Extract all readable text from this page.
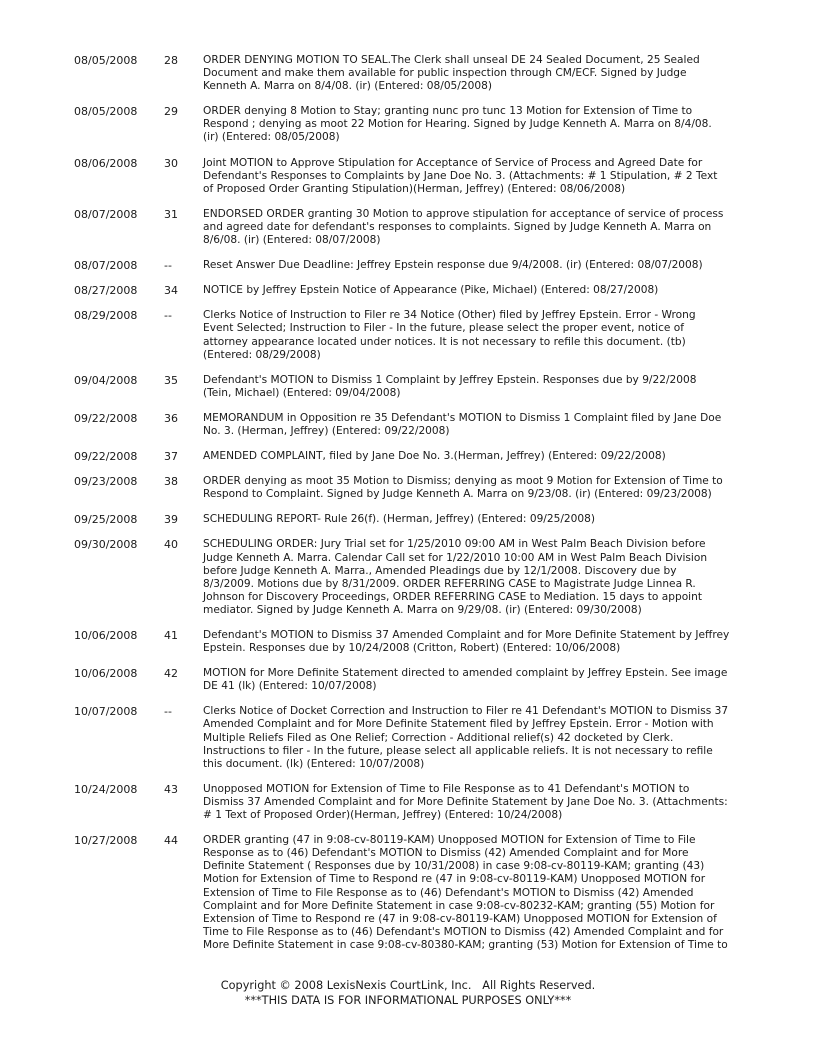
08/05/2008	28	ORDER DENYING MOTION TO SEAL.The Clerk shall unseal DE 24 Sealed Document, 25 Sealed
Document and make them available for public inspection through CM/ECF. Signed by Judge
Kenneth A. Marra on 8/4/08. (ir) (Entered: 08/05/2008)
08/05/2008	29	ORDER denying 8 Motion to Stay; granting nunc pro tunc 13 Motion for Extension of Time to
Respond ; denying as moot 22 Motion for Hearing. Signed by Judge Kenneth A. Marra on 8/4/08.
(ir) (Entered: 08/05/2008)
08/06/2008	30	Joint MOTION to Approve Stipulation for Acceptance of Service of Process and Agreed Date for
Defendant's Responses to Complaints by Jane Doe No. 3. (Attachments: # 1 Stipulation, # 2 Text
of Proposed Order Granting Stipulation)(Herman, Jeffrey) (Entered: 08/06/2008)
08/07/2008	31	ENDORSED ORDER granting 30 Motion to approve stipulation for acceptance of service of process
and agreed date for defendant's responses to complaints. Signed by Judge Kenneth A. Marra on
8/6/08. (ir) (Entered: 08/07/2008)
08/07/2008	--	Reset Answer Due Deadline: Jeffrey Epstein response due 9/4/2008. (ir) (Entered: 08/07/2008)
08/27/2008	34	NOTICE by Jeffrey Epstein Notice of Appearance (Pike, Michael) (Entered: 08/27/2008)
08/29/2008	--	Clerks Notice of Instruction to Filer re 34 Notice (Other) filed by Jeffrey Epstein. Error - Wrong
Event Selected; Instruction to Filer - In the future, please select the proper event, notice of
attorney appearance located under notices. It is not necessary to refile this document. (tb)
(Entered: 08/29/2008)
09/04/2008	35	Defendant's MOTION to Dismiss 1 Complaint by Jeffrey Epstein. Responses due by 9/22/2008
(Tein, Michael) (Entered: 09/04/2008)
09/22/2008	36	MEMORANDUM in Opposition re 35 Defendant's MOTION to Dismiss 1 Complaint filed by Jane Doe
No. 3. (Herman, Jeffrey) (Entered: 09/22/2008)
09/22/2008	37	AMENDED COMPLAINT, filed by Jane Doe No. 3.(Herman, Jeffrey) (Entered: 09/22/2008)
09/23/2008	38	ORDER denying as moot 35 Motion to Dismiss; denying as moot 9 Motion for Extension of Time to
Respond to Complaint. Signed by Judge Kenneth A. Marra on 9/23/08. (ir) (Entered: 09/23/2008)
09/25/2008	39	SCHEDULING REPORT- Rule 26(f). (Herman, Jeffrey) (Entered: 09/25/2008)
09/30/2008	40	SCHEDULING ORDER: Jury Trial set for 1/25/2010 09:00 AM in West Palm Beach Division before
Judge Kenneth A. Marra. Calendar Call set for 1/22/2010 10:00 AM in West Palm Beach Division
before Judge Kenneth A. Marra., Amended Pleadings due by 12/1/2008. Discovery due by
8/3/2009. Motions due by 8/31/2009. ORDER REFERRING CASE to Magistrate Judge Linnea R.
Johnson for Discovery Proceedings, ORDER REFERRING CASE to Mediation. 15 days to appoint
mediator. Signed by Judge Kenneth A. Marra on 9/29/08. (ir) (Entered: 09/30/2008)
10/06/2008	41	Defendant's MOTION to Dismiss 37 Amended Complaint and for More Definite Statement by Jeffrey
Epstein. Responses due by 10/24/2008 (Critton, Robert) (Entered: 10/06/2008)
10/06/2008	42	MOTION for More Definite Statement directed to amended complaint by Jeffrey Epstein. See image
DE 41 (lk) (Entered: 10/07/2008)
10/07/2008	--	Clerks Notice of Docket Correction and Instruction to Filer re 41 Defendant's MOTION to Dismiss 37
Amended Complaint and for More Definite Statement filed by Jeffrey Epstein. Error - Motion with
Multiple Reliefs Filed as One Relief; Correction - Additional relief(s) 42 docketed by Clerk.
Instructions to filer - In the future, please select all applicable reliefs. It is not necessary to refile
this document. (lk) (Entered: 10/07/2008)
10/24/2008	43	Unopposed MOTION for Extension of Time to File Response as to 41 Defendant's MOTION to
Dismiss 37 Amended Complaint and for More Definite Statement by Jane Doe No. 3. (Attachments:
# 1 Text of Proposed Order)(Herman, Jeffrey) (Entered: 10/24/2008)
10/27/2008	44	ORDER granting (47 in 9:08-cv-80119-KAM) Unopposed MOTION for Extension of Time to File
Response as to (46) Defendant's MOTION to Dismiss (42) Amended Complaint and for More
Definite Statement ( Responses due by 10/31/2008) in case 9:08-cv-80119-KAM; granting (43)
Motion for Extension of Time to Respond re (47 in 9:08-cv-80119-KAM) Unopposed MOTION for
Extension of Time to File Response as to (46) Defendant's MOTION to Dismiss (42) Amended
Complaint and for More Definite Statement in case 9:08-cv-80232-KAM; granting (55) Motion for
Extension of Time to Respond re (47 in 9:08-cv-80119-KAM) Unopposed MOTION for Extension of
Time to File Response as to (46) Defendant's MOTION to Dismiss (42) Amended Complaint and for
More Definite Statement in case 9:08-cv-80380-KAM; granting (53) Motion for Extension of Time to
Copyright © 2008 LexisNexis CourtLink, Inc.   All Rights Reserved.
***THIS DATA IS FOR INFORMATIONAL PURPOSES ONLY***
